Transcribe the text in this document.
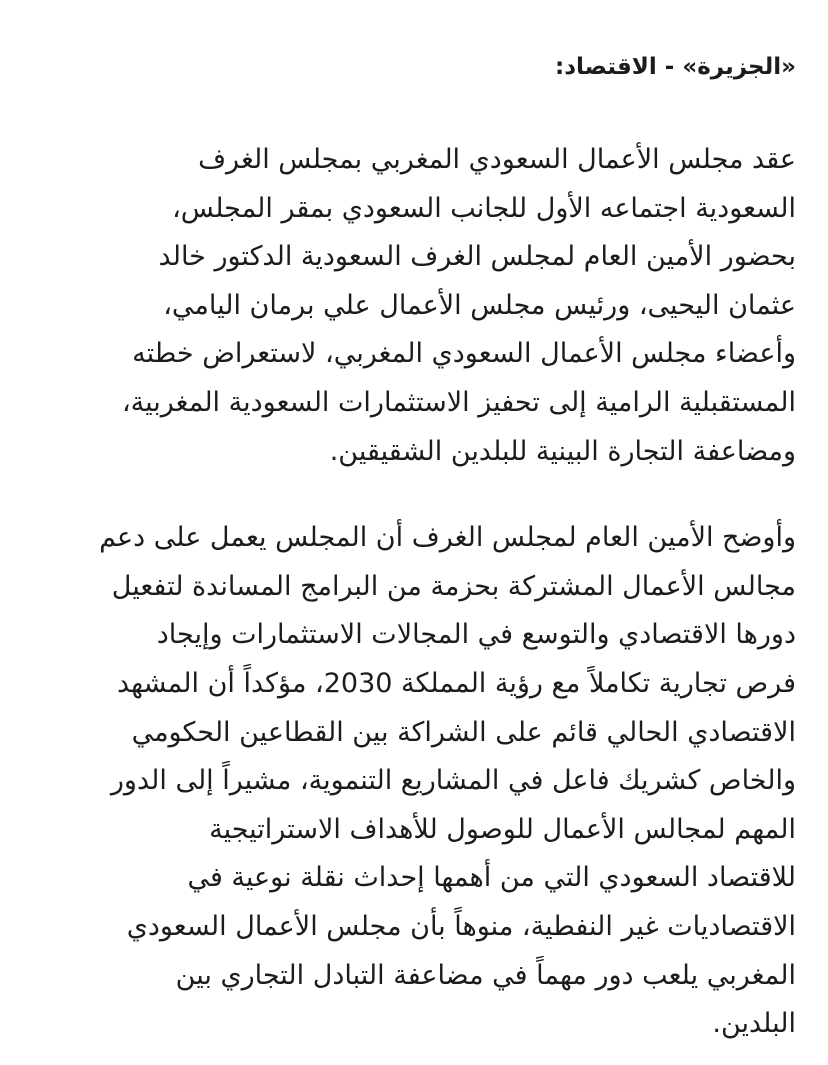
«الجزيرة» - الاقتصاد:
عقد مجلس الأعمال السعودي المغربي بمجلس الغرف
السعودية اجتماعه الأول للجانب السعودي بمقر المجلس،
بحضور الأمين العام لمجلس الغرف السعودية الدكتور خالد
عثمان اليحيى، ورئيس مجلس الأعمال علي برمان اليامي،
وأعضاء مجلس الأعمال السعودي المغربي، لاستعراض خطته
المستقبلية الرامية إلى تحفيز الاستثمارات السعودية المغربية،
ومضاعفة التجارة البينية للبلدين الشقيقين.
وأوضح الأمين العام لمجلس الغرف أن المجلس يعمل على دعم
مجالس الأعمال المشتركة بحزمة من البرامج المساندة لتفعيل
دورها الاقتصادي والتوسع في المجالات الاستثمارات وإيجاد
فرص تجارية تكاملاً مع رؤية المملكة 2030، مؤكداً أن المشهد
الاقتصادي الحالي قائم على الشراكة بين القطاعين الحكومي
والخاص كشريك فاعل في المشاريع التنموية، مشيراً إلى الدور
المهم لمجالس الأعمال للوصول للأهداف الاستراتيجية
للاقتصاد السعودي التي من أهمها إحداث نقلة نوعية في
الاقتصاديات غير النفطية، منوهاً بأن مجلس الأعمال السعودي
المغربي يلعب دور مهماً في مضاعفة التبادل التجاري بين
البلدين.
